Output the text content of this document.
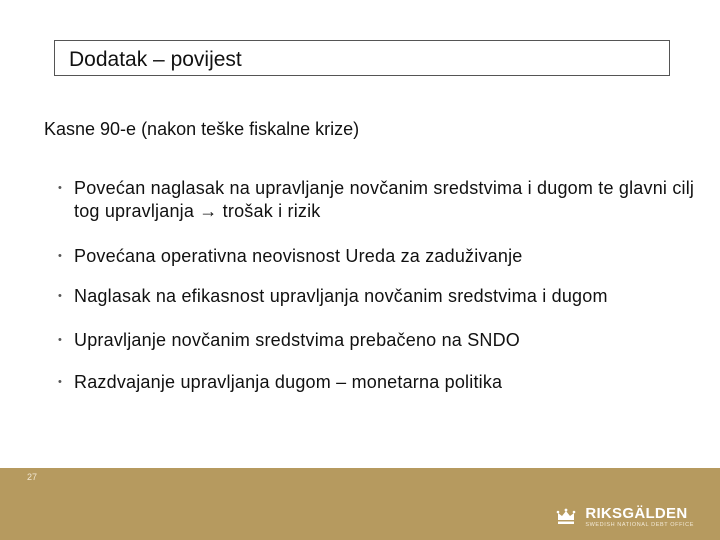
Dodatak – povijest
Kasne 90-e (nakon teške fiskalne krize)
• Povećan naglasak na upravljanje novčanim sredstvima i dugom te glavni cilj tog upravljanja → trošak i rizik
• Povećana operativna neovisnost Ureda za zaduživanje
• Naglasak na efikasnost upravljanja novčanim sredstvima i dugom
• Upravljanje novčanim sredstvima prebačeno na SNDO
• Razdvajanje upravljanja dugom – monetarna politika
27
RIKSGÄLDEN
SWEDISH NATIONAL DEBT OFFICE
